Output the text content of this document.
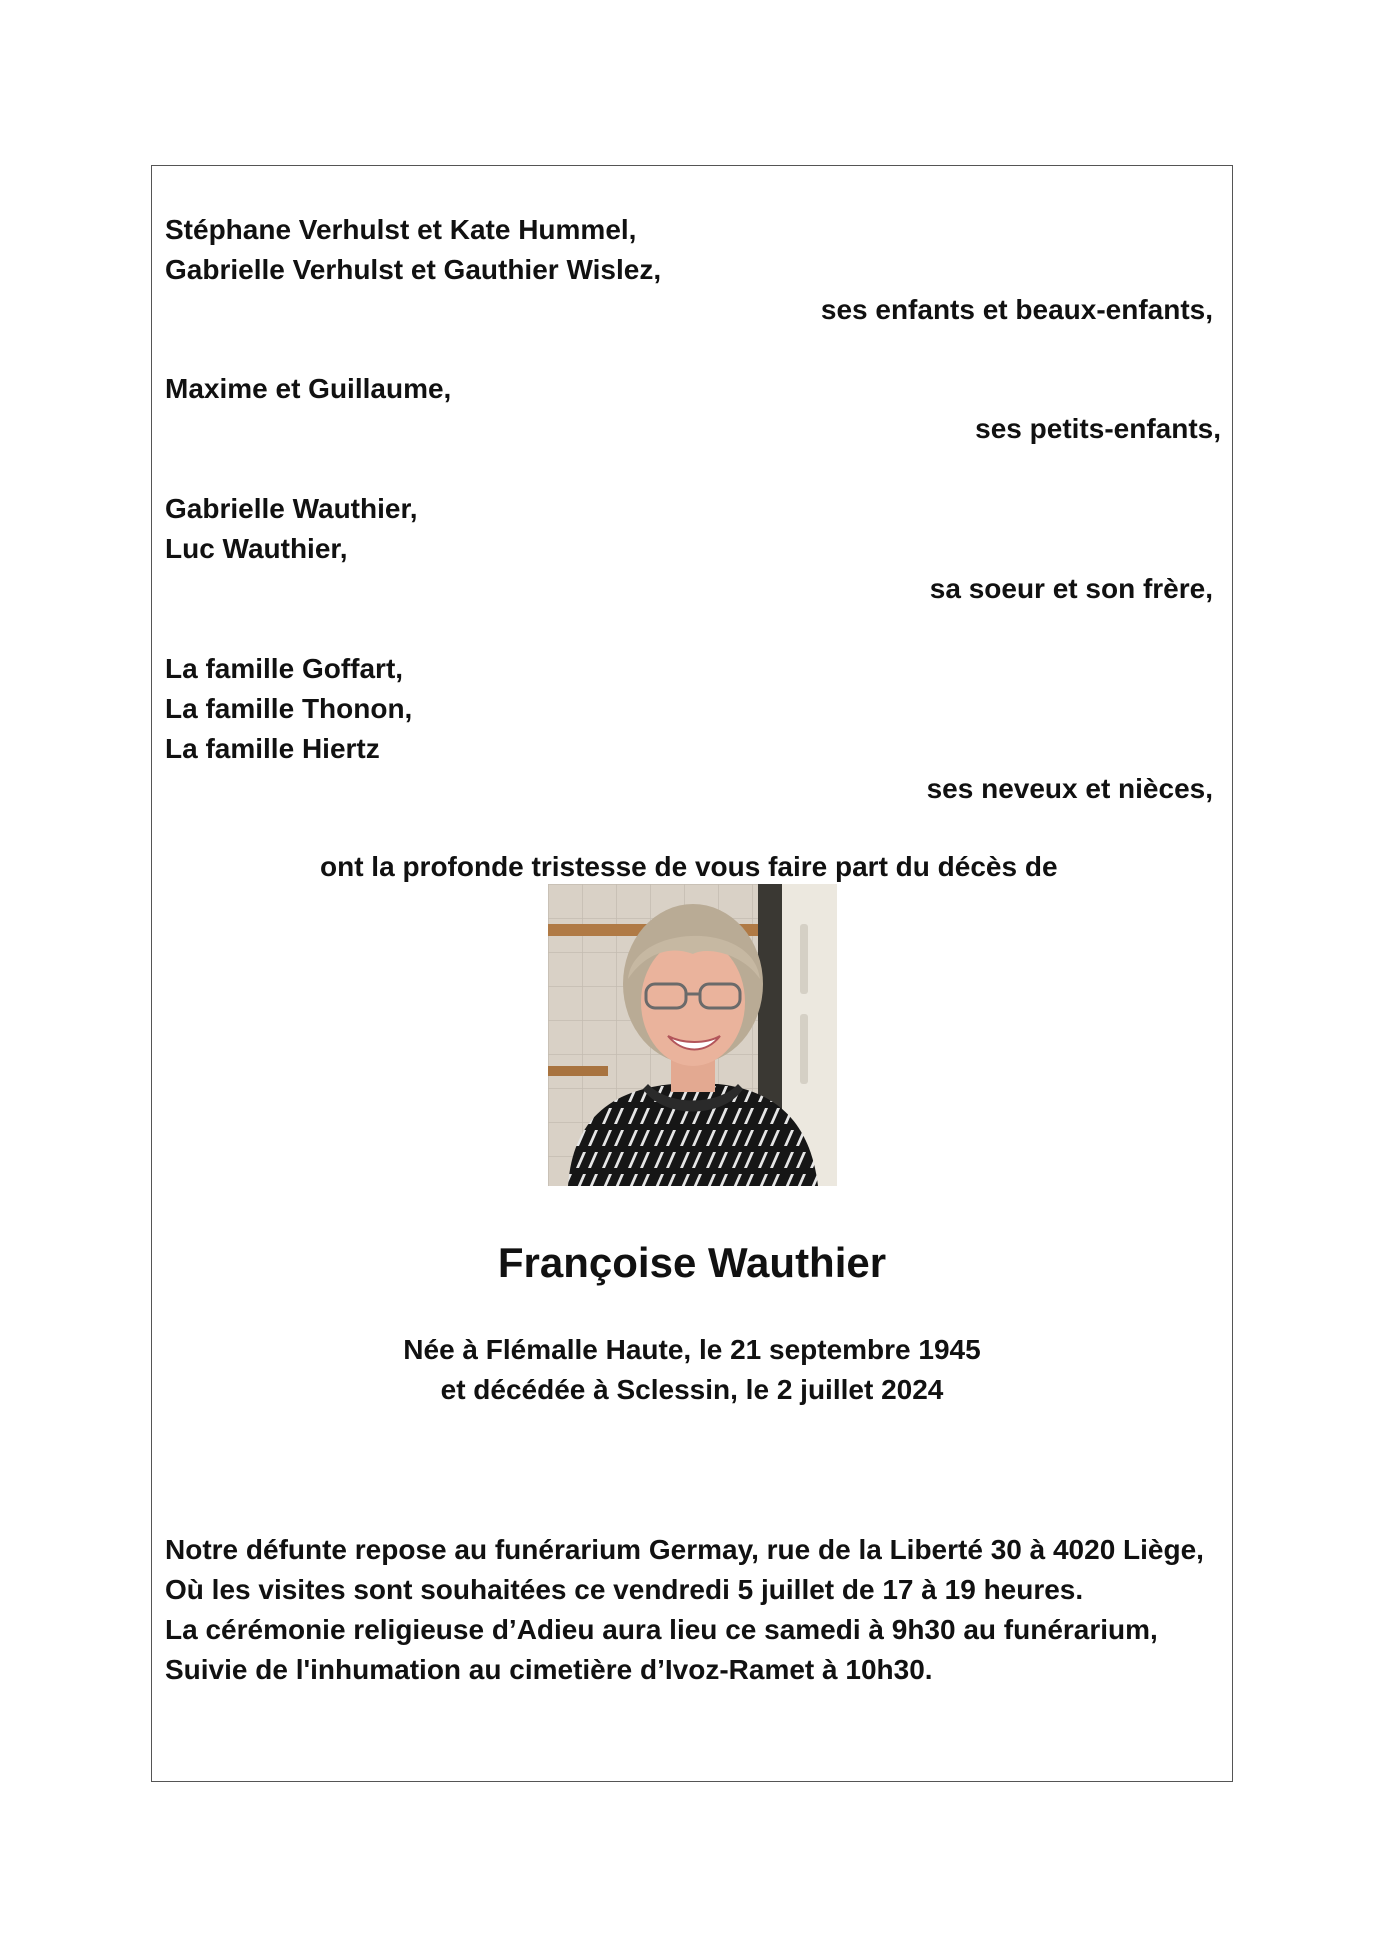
Stéphane Verhulst et Kate Hummel,
Gabrielle Verhulst et Gauthier Wislez,
ses enfants et beaux-enfants,
Maxime et Guillaume,
ses petits-enfants,
Gabrielle Wauthier,
Luc Wauthier,
sa soeur et son frère,
La famille Goffart,
La famille Thonon,
La famille Hiertz
ses neveux et nièces,
ont la profonde tristesse de vous faire part du décès de
Françoise Wauthier
Née à Flémalle Haute, le 21 septembre 1945
et décédée à Sclessin, le 2 juillet 2024
Notre défunte repose au funérarium Germay, rue de la Liberté 30 à 4020 Liège,
Où les visites sont souhaitées ce vendredi 5 juillet de 17 à 19 heures.
La cérémonie religieuse d’Adieu aura lieu ce samedi à 9h30 au funérarium,
Suivie de l'inhumation au cimetière d’Ivoz-Ramet à 10h30.
